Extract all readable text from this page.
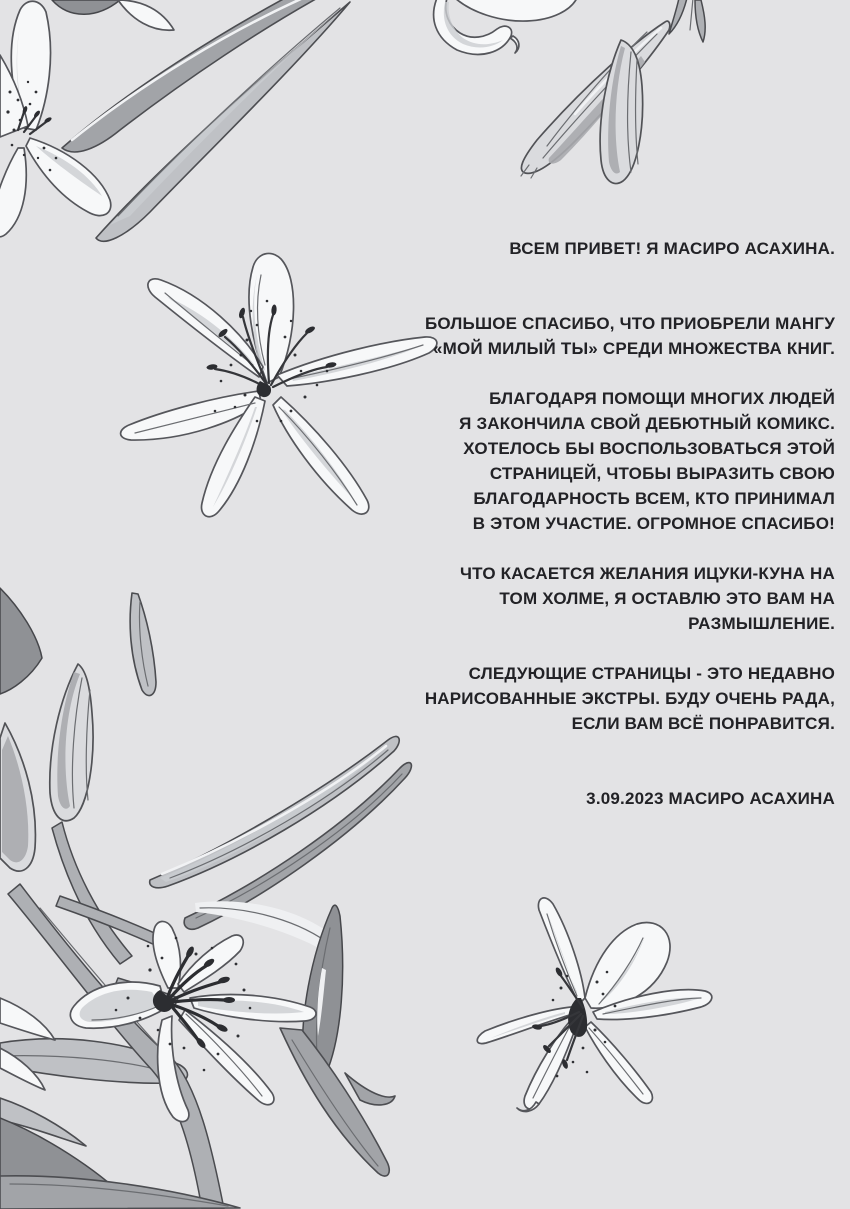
ВСЕМ ПРИВЕТ! Я МАСИРО АСАХИНА.

БОЛЬШОЕ СПАСИБО, ЧТО ПРИОБРЕЛИ МАНГУ
«МОЙ МИЛЫЙ ТЫ» СРЕДИ МНОЖЕСТВА КНИГ.

БЛАГОДАРЯ ПОМОЩИ МНОГИХ ЛЮДЕЙ
Я ЗАКОНЧИЛА СВОЙ ДЕБЮТНЫЙ КОМИКС.
ХОТЕЛОСЬ БЫ ВОСПОЛЬЗОВАТЬСЯ ЭТОЙ
СТРАНИЦЕЙ, ЧТОБЫ ВЫРАЗИТЬ СВОЮ
БЛАГОДАРНОСТЬ ВСЕМ, КТО ПРИНИМАЛ
В ЭТОМ УЧАСТИЕ. ОГРОМНОЕ СПАСИБО!

ЧТО КАСАЕТСЯ ЖЕЛАНИЯ ИЦУКИ-КУНА НА
ТОМ ХОЛМЕ, Я ОСТАВЛЮ ЭТО ВАМ НА
РАЗМЫШЛЕНИЕ.

СЛЕДУЮЩИЕ СТРАНИЦЫ - ЭТО НЕДАВНО
НАРИСОВАННЫЕ ЭКСТРЫ. БУДУ ОЧЕНЬ РАДА,
ЕСЛИ ВАМ ВСЁ ПОНРАВИТСЯ.

3.09.2023 МАСИРО АСАХИНА
